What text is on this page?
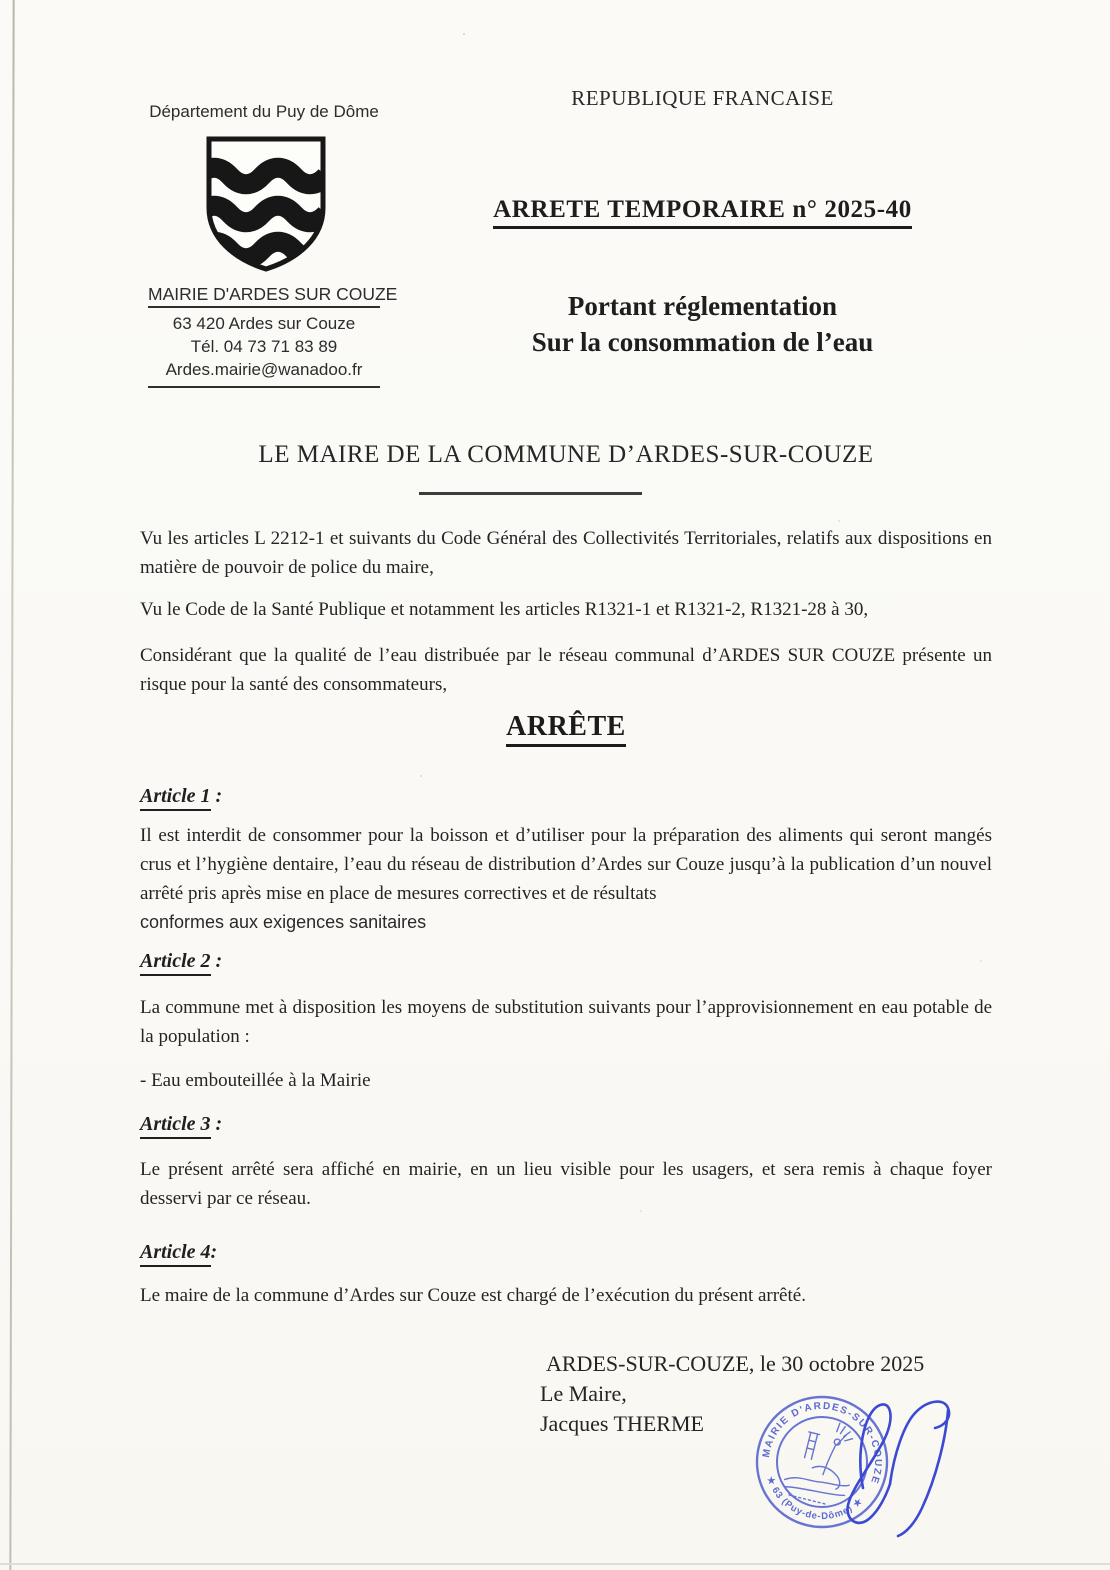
Département du Puy de Dôme
MAIRIE D'ARDES SUR COUZE
63 420 Ardes sur Couze
Tél. 04 73 71 83 89
Ardes.mairie@wanadoo.fr
REPUBLIQUE FRANCAISE
ARRETE TEMPORAIRE n° 2025-40
Portant réglementation
Sur la consommation de l’eau
LE MAIRE DE LA COMMUNE D’ARDES-SUR-COUZE

Vu les articles L 2212-1 et suivants du Code Général des Collectivités Territoriales, relatifs aux dispositions en matière de pouvoir de police du maire,

Vu le Code de la Santé Publique et notamment les articles R1321-1 et R1321-2, R1321-28 à 30,

Considérant que la qualité de l’eau distribuée par le réseau communal d’ARDES SUR COUZE présente un risque pour la santé des consommateurs,

ARRÊTE
Article 1 :

Il est interdit de consommer pour la boisson et d’utiliser pour la préparation des aliments qui seront mangés crus et l’hygiène dentaire, l’eau du réseau de distribution d’Ardes sur Couze jusqu’à la publication d’un nouvel arrêté pris après mise en place de mesures correctives et de résultats

conformes aux exigences sanitaires

Article 2 :

La commune met à disposition les moyens de substitution suivants pour l’approvisionnement en eau potable de la population :

- Eau embouteillée à la Mairie

Article 3 :

Le présent arrêté sera affiché en mairie, en un lieu visible pour les usagers, et sera remis à chaque foyer desservi par ce réseau.

Article 4:

Le maire de la commune d’Ardes sur Couze est chargé de l’exécution du présent arrêté.

ARDES-SUR-COUZE, le 30 octobre 2025
Le Maire,
Jacques THERME
MAIRIE D'ARDES-SUR-COUZE
★ 63 (Puy-de-Dôme) ★
